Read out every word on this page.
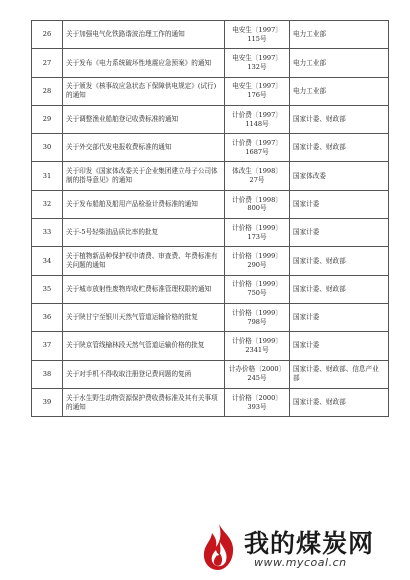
26	关于加强电气化铁路谐波治理工作的通知	电安生〔1997〕115号	电力工业部
27	关于发布《电力系统破坏性地震应急预案》的通知	电安生〔1997〕132号	电力工业部
28	关于颁发《核事故应急状态下保障供电规定》(试行)的通知	电安生〔1997〕176号	电力工业部
29	关于调整渔业船舶登记收费标准的通知	计价费〔1997〕1148号	国家计委、财政部
30	关于外交部代发电报收费标准的通知	计价费〔1997〕1687号	国家计委、财政部
31	关于印发《国家体改委关于企业集团建立母子公司体制的指导意见》的通知	体改生〔1998〕27号	国家体改委
32	关于发布船舶及船用产品检验计费标准的通知	计价费〔1998〕800号	国家计委
33	关于-5号轻柴油品质比率的批复	计价格〔1999〕173号	国家计委
34	关于植物新品种保护权申请费、审查费、年费标准有关问题的通知	计价格〔1999〕290号	国家计委、财政部
35	关于城市放射性废物库收贮费标准管理权限的通知	计价格〔1999〕750号	国家计委、财政部
36	关于陕甘宁至银川天然气管道运输价格的批复	计价格〔1999〕798号	国家计委
37	关于陕京管线榆林段天然气管道运输价格的批复	计价格〔1999〕2341号	国家计委
38	关于对手机不得收取注册登记费问题的复函	计办价格〔2000〕245号	国家计委、财政部、信息产业部
39	关于水生野生动物资源保护费收费标准及其有关事项的通知	计价格〔2000〕393号	国家计委、财政部
我的煤炭网
www.mycoal.cn
